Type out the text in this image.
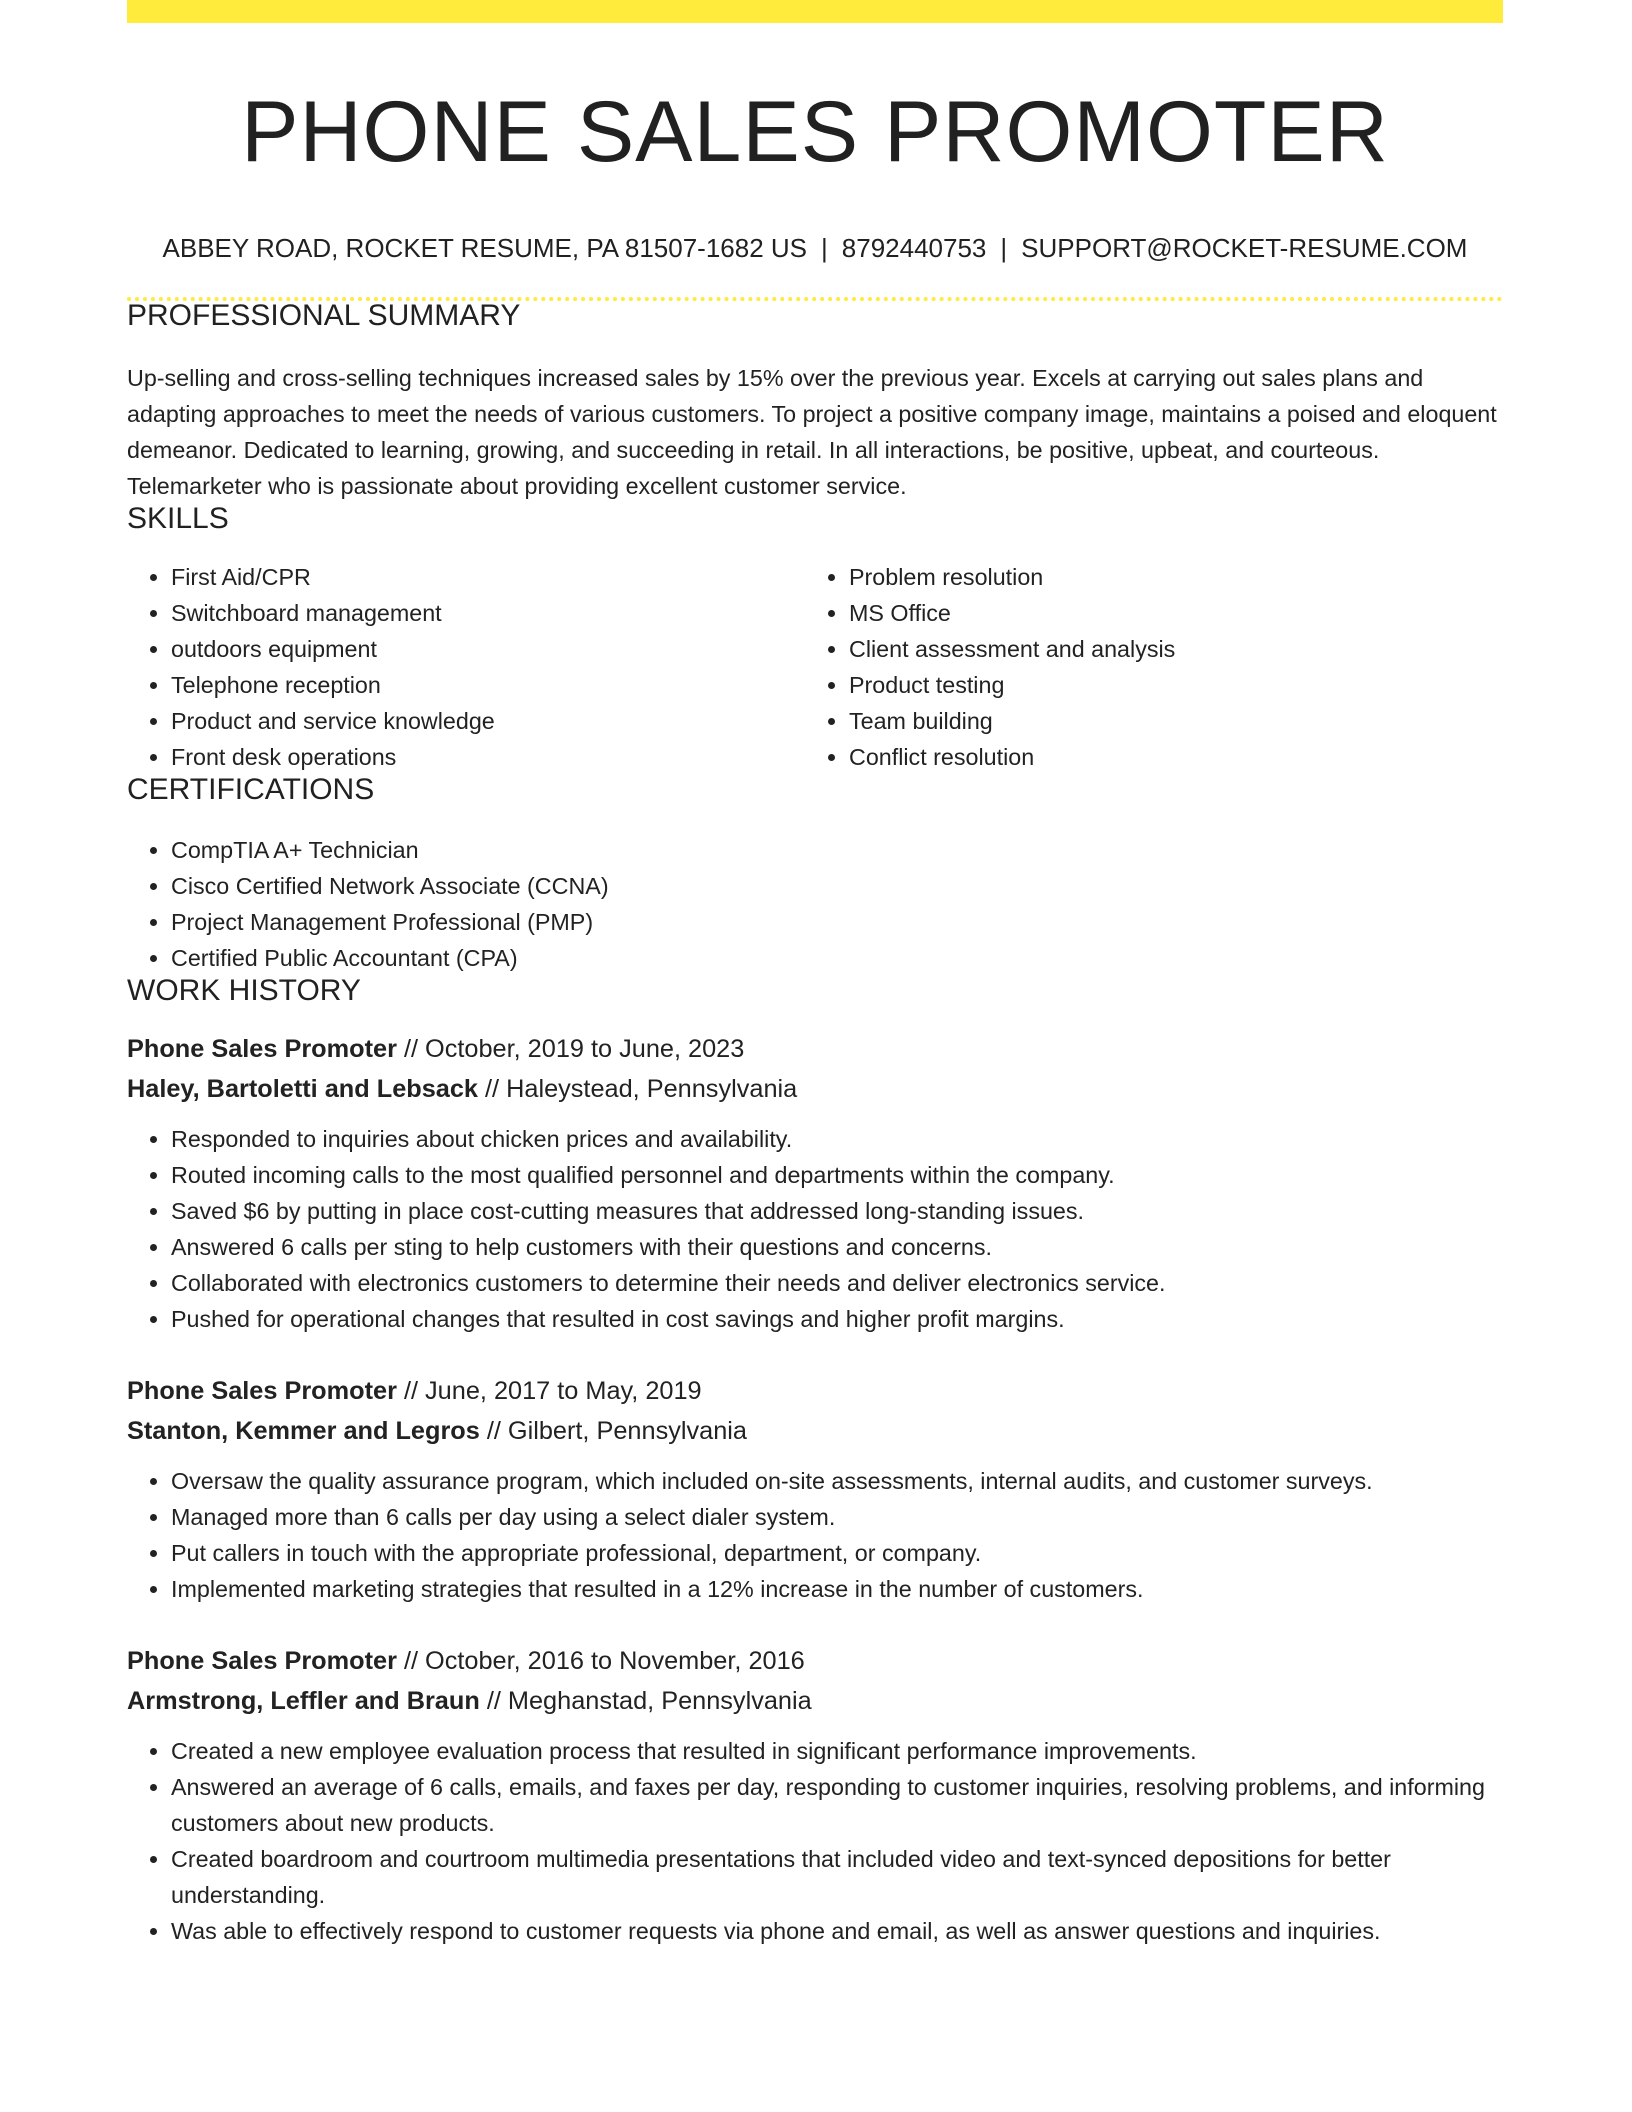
PHONE SALES PROMOTER
ABBEY ROAD, ROCKET RESUME, PA 81507-1682 US | 8792440753 | SUPPORT@ROCKET-RESUME.COM
PROFESSIONAL SUMMARY

Up-selling and cross-selling techniques increased sales by 15% over the previous year. Excels at carrying out sales plans and adapting approaches to meet the needs of various customers. To project a positive company image, maintains a poised and eloquent demeanor. Dedicated to learning, growing, and succeeding in retail. In all interactions, be positive, upbeat, and courteous. Telemarketer who is passionate about providing excellent customer service.

SKILLS
• First Aid/CPR
• Switchboard management
• outdoors equipment
• Telephone reception
• Product and service knowledge
• Front desk operations
• Problem resolution
• MS Office
• Client assessment and analysis
• Product testing
• Team building
• Conflict resolution
CERTIFICATIONS
• CompTIA A+ Technician
• Cisco Certified Network Associate (CCNA)
• Project Management Professional (PMP)
• Certified Public Accountant (CPA)
WORK HISTORY
Phone Sales Promoter // October, 2019 to June, 2023
Haley, Bartoletti and Lebsack // Haleystead, Pennsylvania
• Responded to inquiries about chicken prices and availability.
• Routed incoming calls to the most qualified personnel and departments within the company.
• Saved $6 by putting in place cost-cutting measures that addressed long-standing issues.
• Answered 6 calls per sting to help customers with their questions and concerns.
• Collaborated with electronics customers to determine their needs and deliver electronics service.
• Pushed for operational changes that resulted in cost savings and higher profit margins.
Phone Sales Promoter // June, 2017 to May, 2019
Stanton, Kemmer and Legros // Gilbert, Pennsylvania
• Oversaw the quality assurance program, which included on-site assessments, internal audits, and customer surveys.
• Managed more than 6 calls per day using a select dialer system.
• Put callers in touch with the appropriate professional, department, or company.
• Implemented marketing strategies that resulted in a 12% increase in the number of customers.
Phone Sales Promoter // October, 2016 to November, 2016
Armstrong, Leffler and Braun // Meghanstad, Pennsylvania
• Created a new employee evaluation process that resulted in significant performance improvements.
• Answered an average of 6 calls, emails, and faxes per day, responding to customer inquiries, resolving problems, and informing customers about new products.
• Created boardroom and courtroom multimedia presentations that included video and text-synced depositions for better understanding.
• Was able to effectively respond to customer requests via phone and email, as well as answer questions and inquiries.
